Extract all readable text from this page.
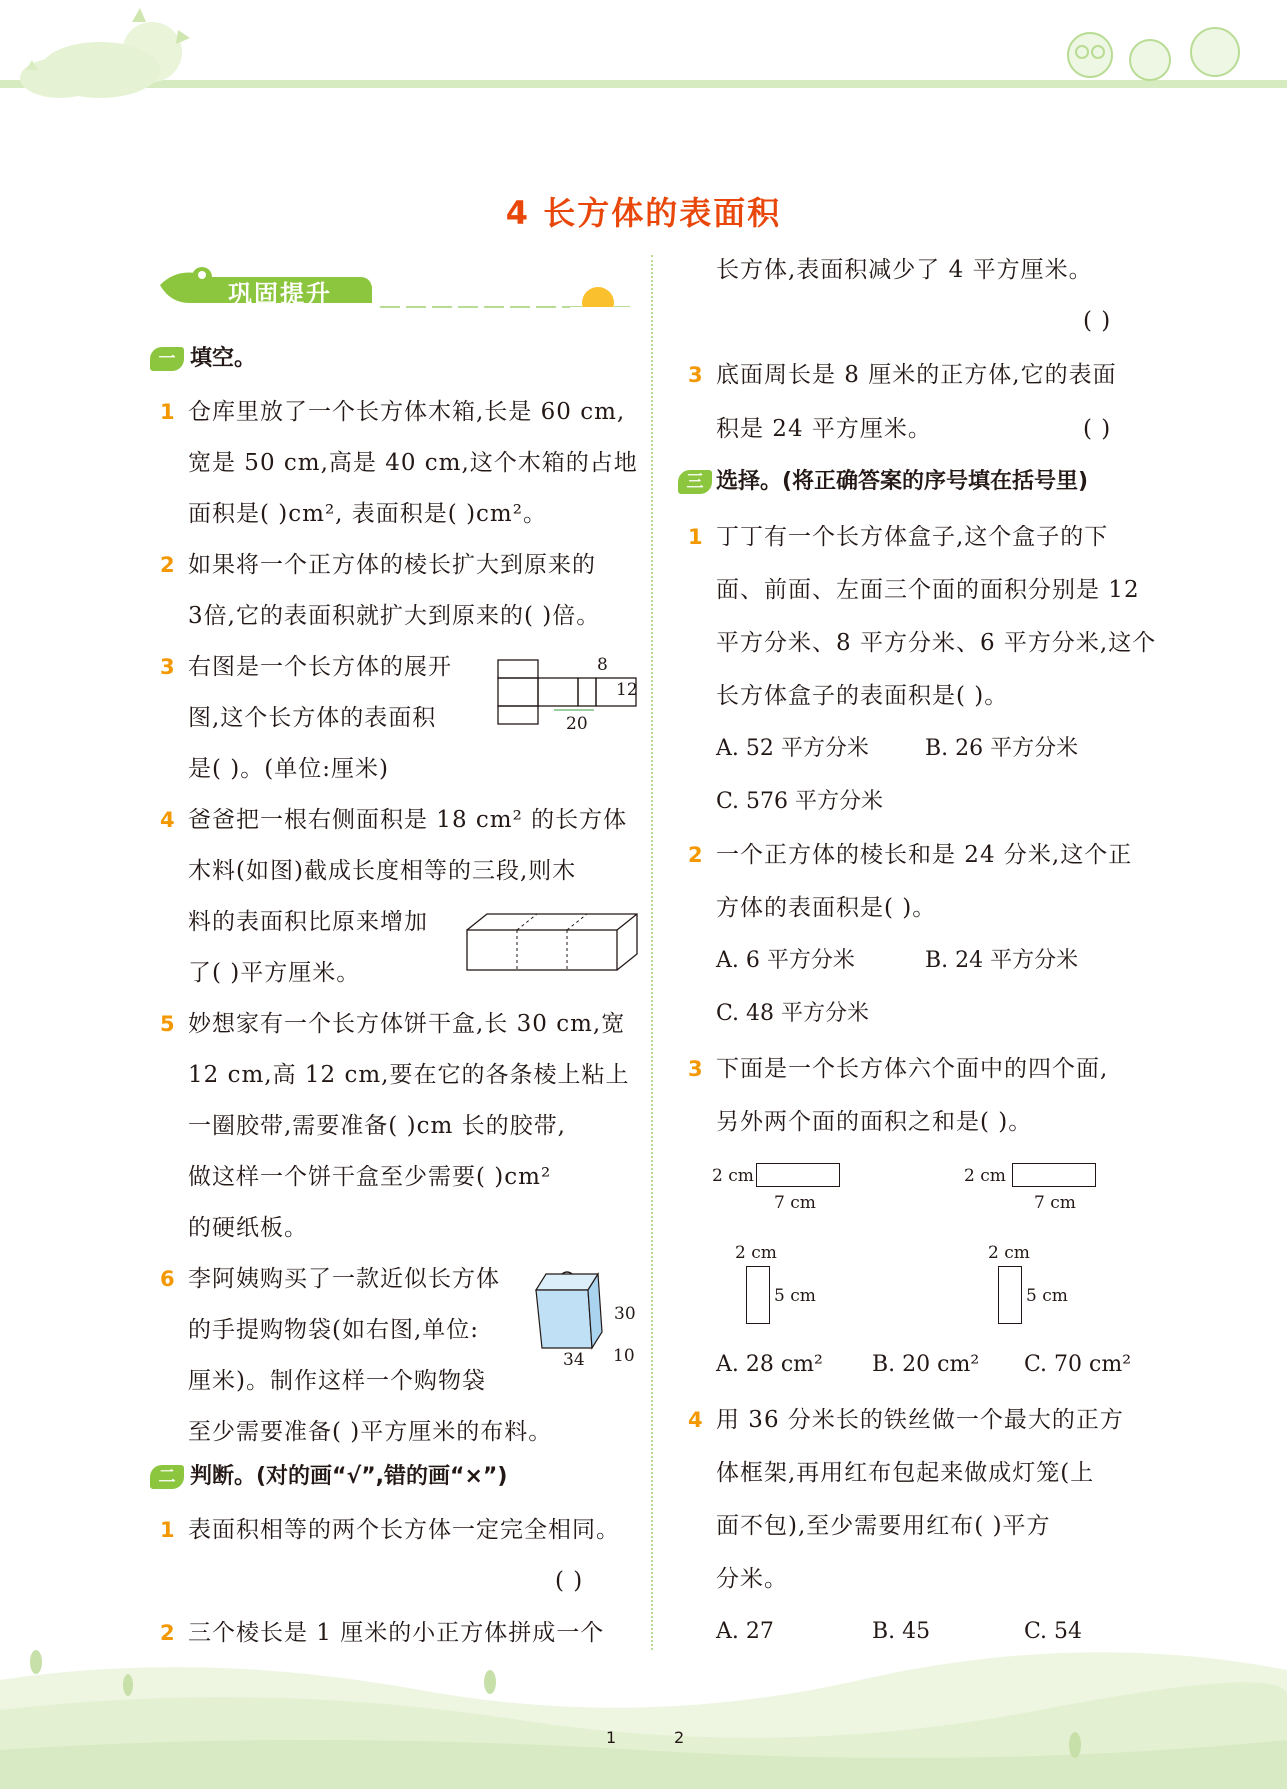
4 长方体的表面积
巩固提升
一 填空。
1 仓库里放了一个长方体木箱,长是 60 cm,
宽是 50 cm,高是 40 cm,这个木箱的占地
面积是( )cm², 表面积是( )cm²。
2 如果将一个正方体的棱长扩大到原来的
3倍,它的表面积就扩大到原来的( )倍。
3 右图是一个长方体的展开
图,这个长方体的表面积
是( )。(单位:厘米)
8
12
20
4 爸爸把一根右侧面积是 18 cm² 的长方体
木料(如图)截成长度相等的三段,则木
料的表面积比原来增加
了( )平方厘米。
5 妙想家有一个长方体饼干盒,长 30 cm,宽
12 cm,高 12 cm,要在它的各条棱上粘上
一圈胶带,需要准备( )cm 长的胶带,
做这样一个饼干盒至少需要( )cm²
的硬纸板。
6 李阿姨购买了一款近似长方体
的手提购物袋(如右图,单位:
厘米)。制作这样一个购物袋
至少需要准备( )平方厘米的布料。
30
34 10
二 判断。(对的画“√”,错的画“×”)
1 表面积相等的两个长方体一定完全相同。
( )
2 三个棱长是 1 厘米的小正方体拼成一个
长方体,表面积减少了 4 平方厘米。
( )
3 底面周长是 8 厘米的正方体,它的表面
积是 24 平方厘米。	( )
三 选择。(将正确答案的序号填在括号里)
1 丁丁有一个长方体盒子,这个盒子的下
面、前面、左面三个面的面积分别是 12
平方分米、8 平方分米、6 平方分米,这个
长方体盒子的表面积是( )。
A. 52 平方分米	B. 26 平方分米
C. 576 平方分米
2 一个正方体的棱长和是 24 分米,这个正
方体的表面积是( )。
A. 6 平方分米	B. 24 平方分米
C. 48 平方分米
3 下面是一个长方体六个面中的四个面,
另外两个面的面积之和是( )。
2 cm
7 cm
2 cm
7 cm
2 cm
5 cm
2 cm
5 cm
A. 28 cm² B. 20 cm² C. 70 cm²
4 用 36 分米长的铁丝做一个最大的正方
体框架,再用红布包起来做成灯笼(上
面不包),至少需要用红布( )平方
分米。
A. 27	B. 45	C. 54
1	2
